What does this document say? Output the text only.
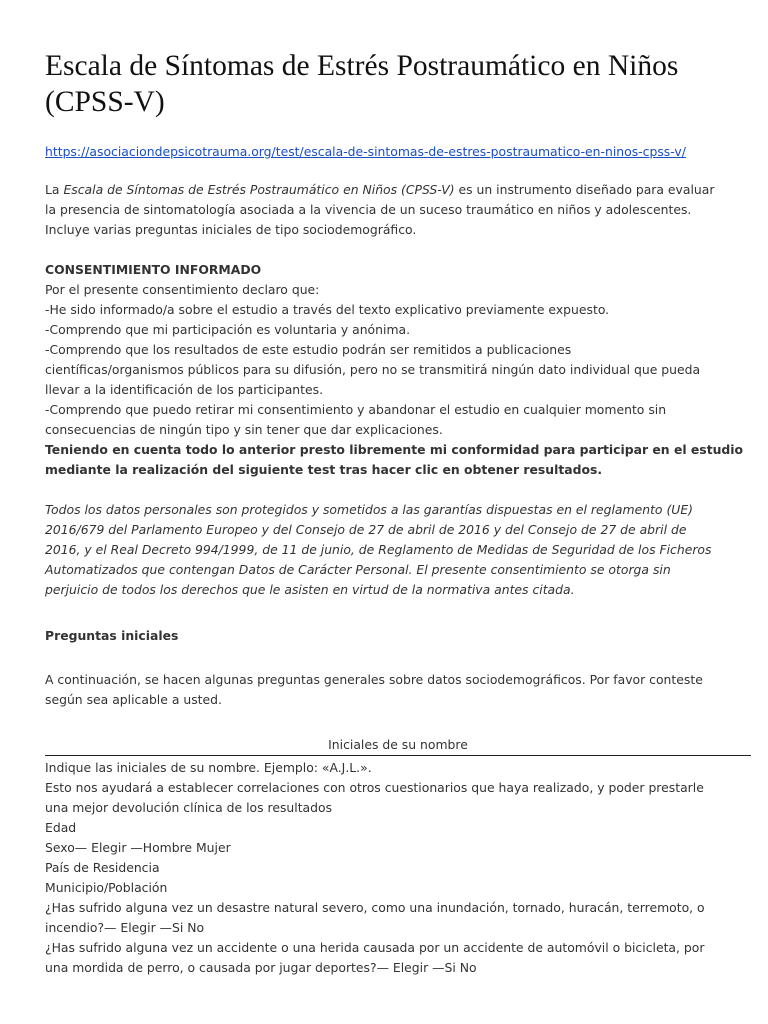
Escala de Síntomas de Estrés Postraumático en Niños (CPSS-V)
https://asociaciondepsicotrauma.org/test/escala-de-sintomas-de-estres-postraumatico-en-ninos-cpss-v/
La Escala de Síntomas de Estrés Postraumático en Niños (CPSS-V) es un instrumento diseñado para evaluar
la presencia de sintomatología asociada a la vivencia de un suceso traumático en niños y adolescentes.
Incluye varias preguntas iniciales de tipo sociodemográfico.
CONSENTIMIENTO INFORMADO
Por el presente consentimiento declaro que:
-He sido informado/a sobre el estudio a través del texto explicativo previamente expuesto.
-Comprendo que mi participación es voluntaria y anónima.
-Comprendo que los resultados de este estudio podrán ser remitidos a publicaciones
científicas/organismos públicos para su difusión, pero no se transmitirá ningún dato individual que pueda
llevar a la identificación de los participantes.
-Comprendo que puedo retirar mi consentimiento y abandonar el estudio en cualquier momento sin
consecuencias de ningún tipo y sin tener que dar explicaciones.
Teniendo en cuenta todo lo anterior presto libremente mi conformidad para participar en el estudio
mediante la realización del siguiente test tras hacer clic en obtener resultados.
Todos los datos personales son protegidos y sometidos a las garantías dispuestas en el reglamento (UE)
2016/679 del Parlamento Europeo y del Consejo de 27 de abril de 2016 y del Consejo de 27 de abril de
2016, y el Real Decreto 994/1999, de 11 de junio, de Reglamento de Medidas de Seguridad de los Ficheros
Automatizados que contengan Datos de Carácter Personal. El presente consentimiento se otorga sin
perjuicio de todos los derechos que le asisten en virtud de la normativa antes citada.
Preguntas iniciales
A continuación, se hacen algunas preguntas generales sobre datos sociodemográficos. Por favor conteste
según sea aplicable a usted.
Iniciales de su nombre
Indique las iniciales de su nombre. Ejemplo: «A.J.L.».
Esto nos ayudará a establecer correlaciones con otros cuestionarios que haya realizado, y poder prestarle
una mejor devolución clínica de los resultados
Edad
Sexo— Elegir —Hombre Mujer
País de Residencia
Municipio/Población
¿Has sufrido alguna vez un desastre natural severo, como una inundación, tornado, huracán, terremoto, o
incendio?— Elegir —Si No
¿Has sufrido alguna vez un accidente o una herida causada por un accidente de automóvil o bicicleta, por
una mordida de perro, o causada por jugar deportes?— Elegir —Si No
